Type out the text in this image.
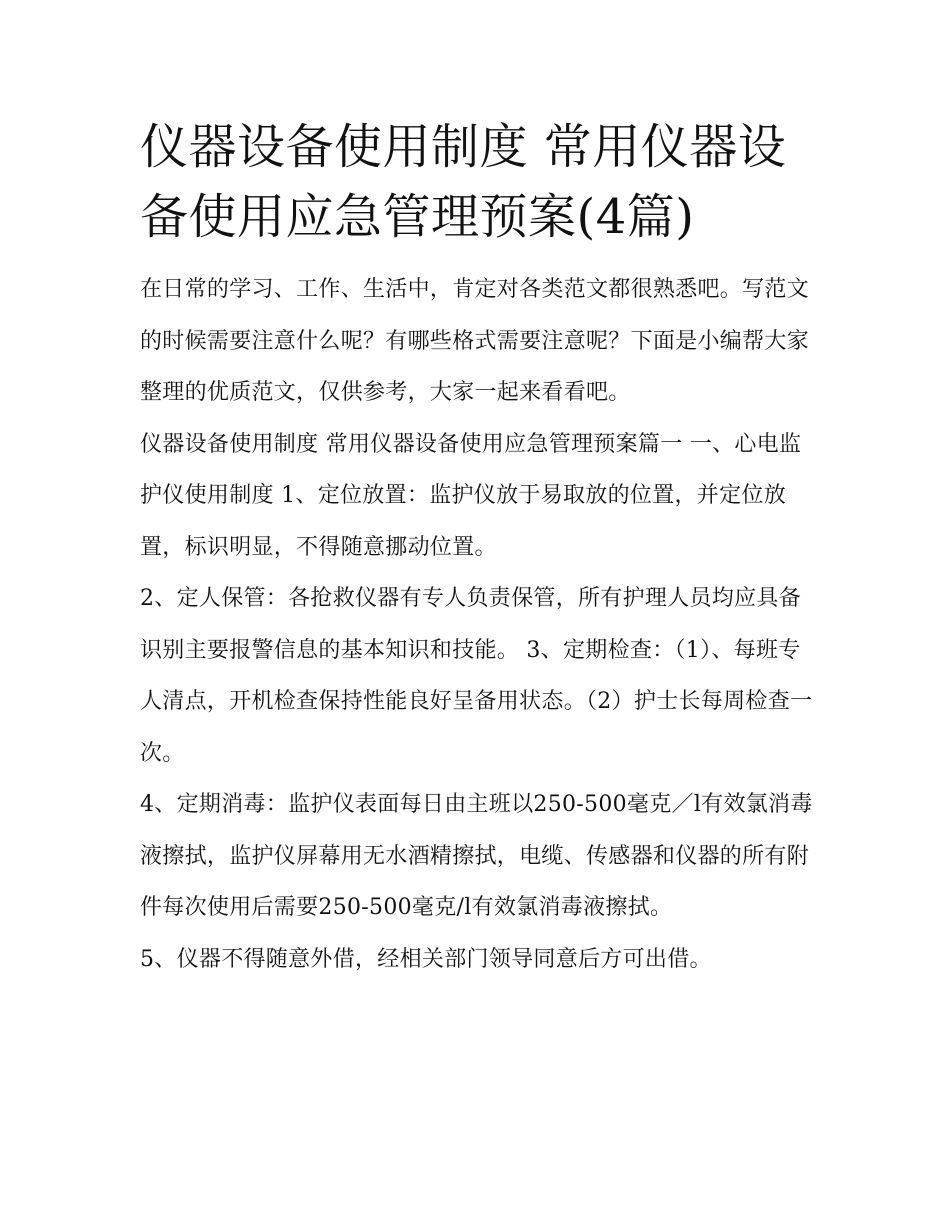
仪器设备使用制度 常用仪器设备使用应急管理预案(4篇)

在日常的学习、工作、生活中，肯定对各类范文都很熟悉吧。写范文的时候需要注意什么呢？有哪些格式需要注意呢？下面是小编帮大家整理的优质范文，仅供参考，大家一起来看看吧。

仪器设备使用制度 常用仪器设备使用应急管理预案篇一 一、心电监护仪使用制度 1、定位放置：监护仪放于易取放的位置，并定位放置，标识明显，不得随意挪动位置。

2、定人保管：各抢救仪器有专人负责保管，所有护理人员均应具备识别主要报警信息的基本知识和技能。 3、定期检查：（1）、每班专人清点，开机检查保持性能良好呈备用状态。（2）护士长每周检查一次。

4、定期消毒：监护仪表面每日由主班以250-500毫克／l有效氯消毒液擦拭，监护仪屏幕用无水酒精擦拭，电缆、传感器和仪器的所有附件每次使用后需要250-500毫克/l有效氯消毒液擦拭。

5、仪器不得随意外借，经相关部门领导同意后方可出借。
